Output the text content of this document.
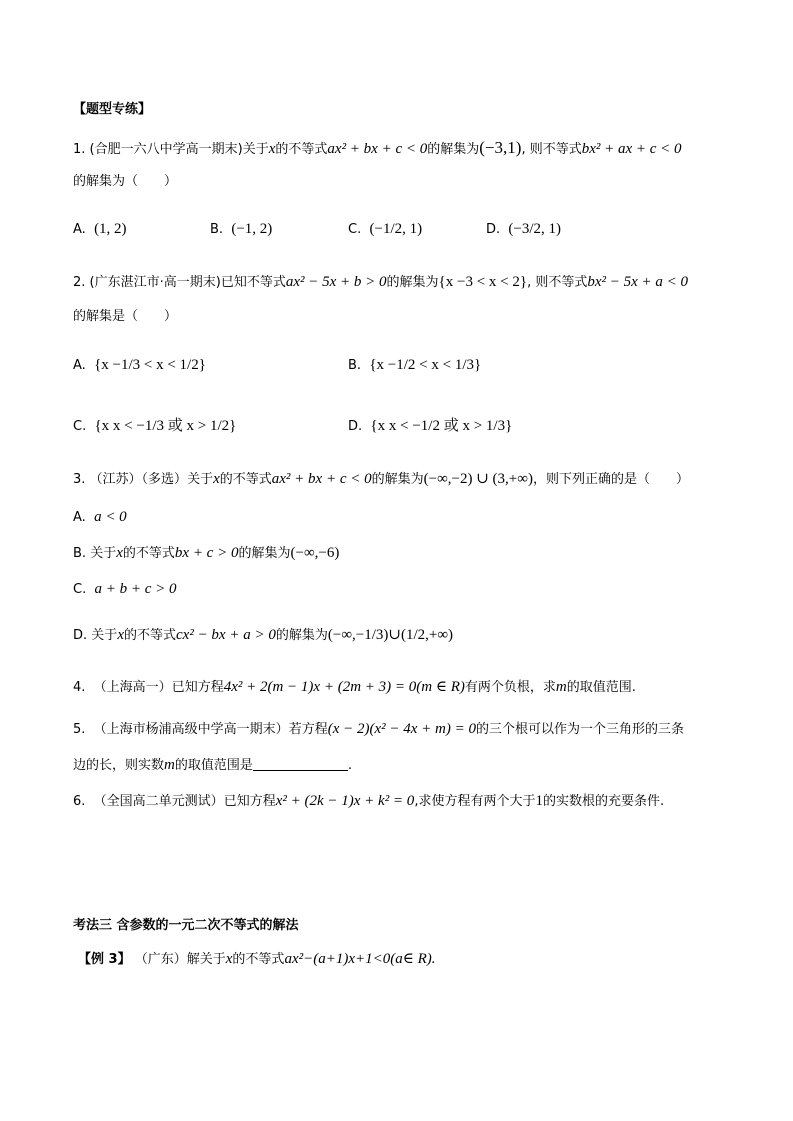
【题型专练】
1. (合肥一六八中学高一期末)关于x的不等式ax² + bx + c < 0的解集为(−3,1), 则不等式bx² + ax + c < 0
的解集为（　　）
A. (1, 2)	B. (−1, 2)	C. (−1/2, 1)	D. (−3/2, 1)
2. (广东湛江市·高一期末)已知不等式ax² − 5x + b > 0的解集为{x −3 < x < 2}, 则不等式bx² − 5x + a < 0
的解集是（　　）
A. {x −1/3 < x < 1/2}	B. {x −1/2 < x < 1/3}
C. {x x < −1/3 或 x > 1/2}	D. {x x < −1/2 或 x > 1/3}
3. （江苏）（多选）关于x的不等式ax² + bx + c < 0的解集为(−∞,−2) ∪ (3,+∞)，则下列正确的是（　　）
A. a < 0
B. 关于x的不等式bx + c > 0的解集为(−∞,−6)
C. a + b + c > 0
D. 关于x的不等式cx² − bx + a > 0的解集为(−∞,−1/3)∪(1/2,+∞)
4. （上海高一）已知方程4x² + 2(m − 1)x + (2m + 3) = 0(m ∈ R)有两个负根，求m的取值范围.
5. （上海市杨浦高级中学高一期末）若方程(x − 2)(x² − 4x + m) = 0的三个根可以作为一个三角形的三条
边的长，则实数m的取值范围是	.
6. （全国高二单元测试）已知方程x² + (2k − 1)x + k² = 0,求使方程有两个大于1的实数根的充要条件.
考法三 含参数的一元二次不等式的解法
【例 3】 （广东）解关于x的不等式ax²−(a+1)x+1<0(a∈ R).
